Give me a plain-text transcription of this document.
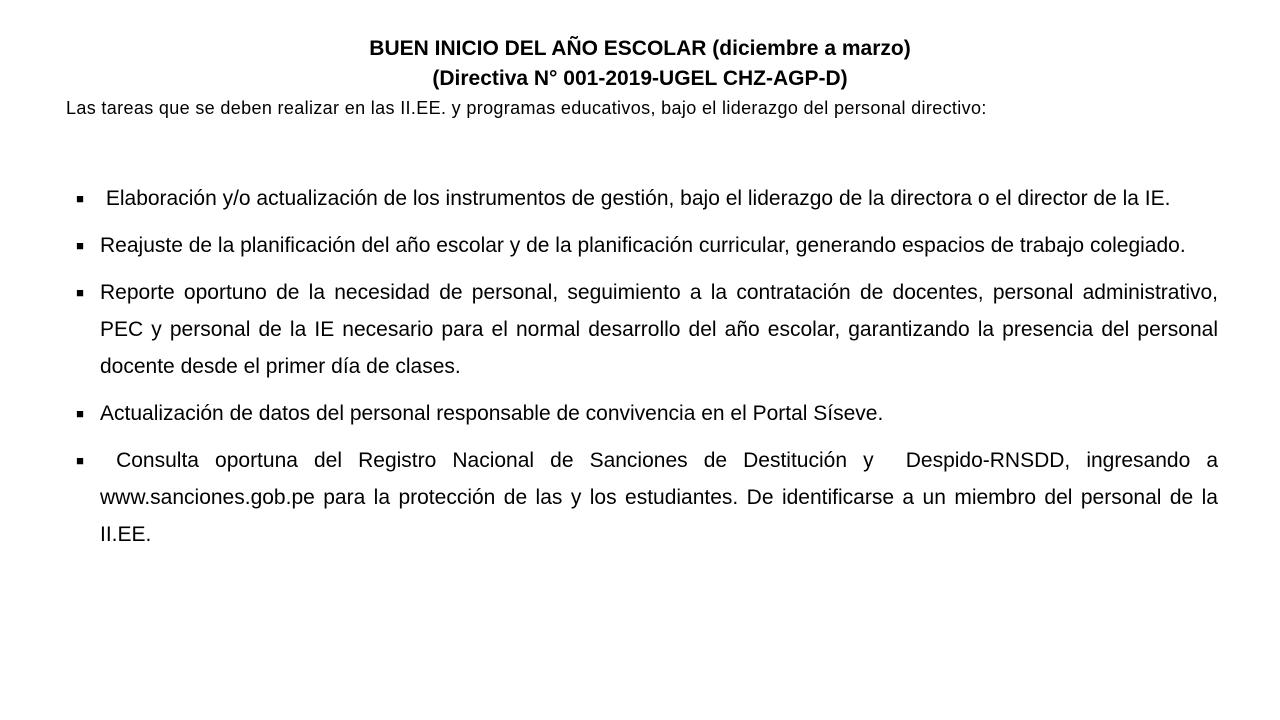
BUEN INICIO DEL AÑO ESCOLAR (diciembre a marzo)
(Directiva N° 001-2019-UGEL CHZ-AGP-D)
Las tareas que se deben realizar en las II.EE. y programas educativos, bajo el liderazgo del personal directivo:
■ Elaboración y/o actualización de los instrumentos de gestión, bajo el liderazgo de la directora o el director de la IE.
■ Reajuste de la planificación del año escolar y de la planificación curricular, generando espacios de trabajo colegiado.
■ Reporte oportuno de la necesidad de personal, seguimiento a la contratación de docentes, personal administrativo, PEC y personal de la IE necesario para el normal desarrollo del año escolar, garantizando la presencia del personal docente desde el primer día de clases.
■ Actualización de datos del personal responsable de convivencia en el Portal Síseve.
■ Consulta oportuna del Registro Nacional de Sanciones de Destitución y  Despido-RNSDD, ingresando a www.sanciones.gob.pe para la protección de las y los estudiantes. De identificarse a un miembro del personal de la II.EE.
